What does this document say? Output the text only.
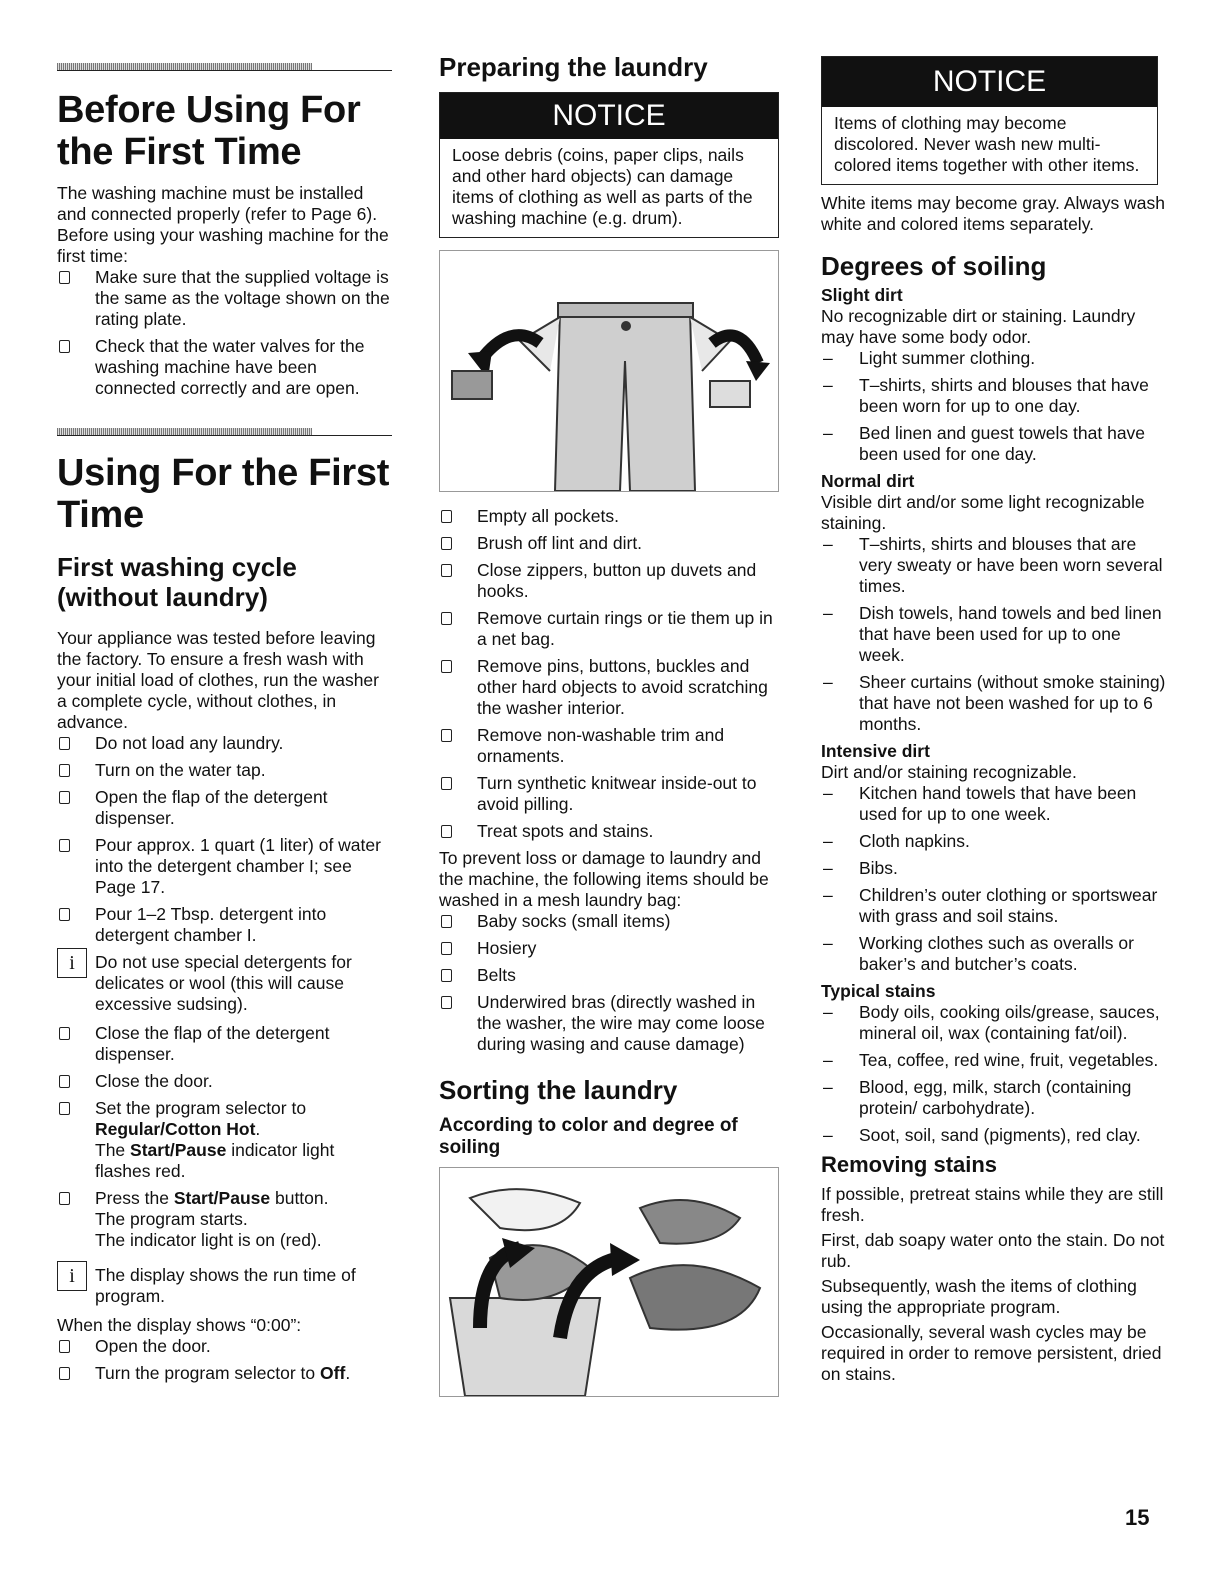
Before Using For the First Time

The washing machine must be installed and connected properly (refer to Page 6).

Before using your washing machine for the first time:

Make sure that the supplied voltage is the same as the voltage shown on the rating plate.
Check that the water valves for the washing machine have been connected correctly and are open.
Using For the First Time
First washing cycle (without laundry)

Your appliance was tested before leaving the factory. To ensure a fresh wash with your initial load of clothes, run the washer a complete cycle, without clothes, in advance.

Do not load any laundry.
Turn on the water tap.
Open the flap of the detergent dispenser.
Pour approx. 1 quart (1 liter) of water into the detergent chamber I; see Page 17.
Pour 1–2 Tbsp. detergent into detergent chamber I.
i	Do not use special detergents for delicates or wool (this will cause excessive sudsing).
Close the flap of the detergent dispenser.
Close the door.
Set the program selector to
Regular/Cotton Hot.
The Start/Pause indicator light flashes red.
Press the Start/Pause button.
The program starts.
The indicator light is on (red).
i	The display shows the run time of program.

When the display shows “0:00”:

Open the door.
Turn the program selector to Off.
Preparing the laundry
NOTICE
Loose debris (coins, paper clips, nails and other hard objects) can damage items of clothing as well as parts of the washing machine (e.g. drum).
Empty all pockets.
Brush off lint and dirt.
Close zippers, button up duvets and hooks.
Remove curtain rings or tie them up in a net bag.
Remove pins, buttons, buckles and other hard objects to avoid scratching the washer interior.
Remove non-washable trim and ornaments.
Turn synthetic knitwear inside-out to avoid pilling.
Treat spots and stains.

To prevent loss or damage to laundry and the machine, the following items should be washed in a mesh laundry bag:

Baby socks (small items)
Hosiery
Belts
Underwired bras (directly washed in the washer, the wire may come loose during wasing and cause damage)
Sorting the laundry
According to color and degree of soiling
NOTICE
Items of clothing may become discolored. Never wash new multi-colored items together with other items.

White items may become gray. Always wash white and colored items separately.

Degrees of soiling
Slight dirt

No recognizable dirt or staining. Laundry may have some body odor.

– Light summer clothing.
– T–shirts, shirts and blouses that have been worn for up to one day.
– Bed linen and guest towels that have been used for one day.
Normal dirt

Visible dirt and/or some light recognizable staining.

– T–shirts, shirts and blouses that are very sweaty or have been worn several times.
– Dish towels, hand towels and bed linen that have been used for up to one week.
– Sheer curtains (without smoke staining) that have not been washed for up to 6 months.
Intensive dirt

Dirt and/or staining recognizable.

– Kitchen hand towels that have been used for up to one week.
– Cloth napkins.
– Bibs.
– Children’s outer clothing or sportswear with grass and soil stains.
– Working clothes such as overalls or baker’s and butcher’s coats.
Typical stains
– Body oils, cooking oils/grease, sauces, mineral oil, wax (containing fat/oil).
– Tea, coffee, red wine, fruit, vegetables.
– Blood, egg, milk, starch (containing protein/ carbohydrate).
– Soot, soil, sand (pigments), red clay.
Removing stains

If possible, pretreat stains while they are still fresh.

First, dab soapy water onto the stain. Do not rub.

Subsequently, wash the items of clothing using the appropriate program.

Occasionally, several wash cycles may be required in order to remove persistent, dried on stains.

15
